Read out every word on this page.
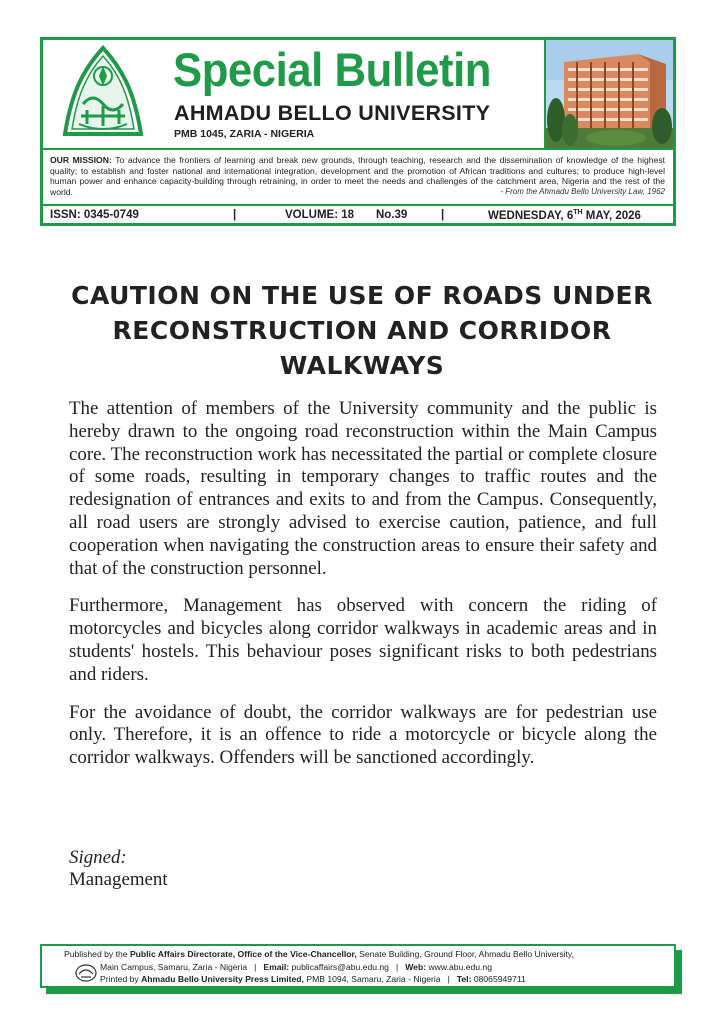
Special Bulletin
AHMADU BELLO UNIVERSITY
PMB 1045, ZARIA - NIGERIA

OUR MISSION: To advance the frontiers of learning and break new grounds, through teaching, research and the dissemination of knowledge of the highest quality; to establish and foster national and international integration, development and the promotion of African traditions and cultures; to produce high-level human power and enhance capacity-building through retraining, in order to meet the needs and challenges of the catchment area, Nigeria and the rest of the world.	- From the Ahmadu Bello University Law, 1962

ISSN: 0345-0749	|	VOLUME: 18 No.39	|	WEDNESDAY, 6TH MAY, 2026
CAUTION ON THE USE OF ROADS UNDER RECONSTRUCTION AND CORRIDOR WALKWAYS

The attention of members of the University community and the public is hereby drawn to the ongoing road reconstruction within the Main Campus core. The reconstruction work has necessitated the partial or complete closure of some roads, resulting in temporary changes to traffic routes and the redesignation of entrances and exits to and from the Campus. Consequently, all road users are strongly advised to exercise caution, patience, and full cooperation when navigating the construction areas to ensure their safety and that of the construction personnel.

Furthermore, Management has observed with concern the riding of motorcycles and bicycles along corridor walkways in academic areas and in students' hostels. This behaviour poses significant risks to both pedestrians and riders.

For the avoidance of doubt, the corridor walkways are for pedestrian use only. Therefore, it is an offence to ride a motorcycle or bicycle along the corridor walkways. Offenders will be sanctioned accordingly.

Signed:
Management
Published by the Public Affairs Directorate, Office of the Vice-Chancellor, Senate Building, Ground Floor, Ahmadu Bello University,
Main Campus, Samaru, Zaria - Nigeria | Email: publicaffairs@abu.edu.ng | Web: www.abu.edu.ng
Printed by Ahmadu Bello University Press Limited, PMB 1094, Samaru, Zaria - Nigeria | Tel: 08065949711
